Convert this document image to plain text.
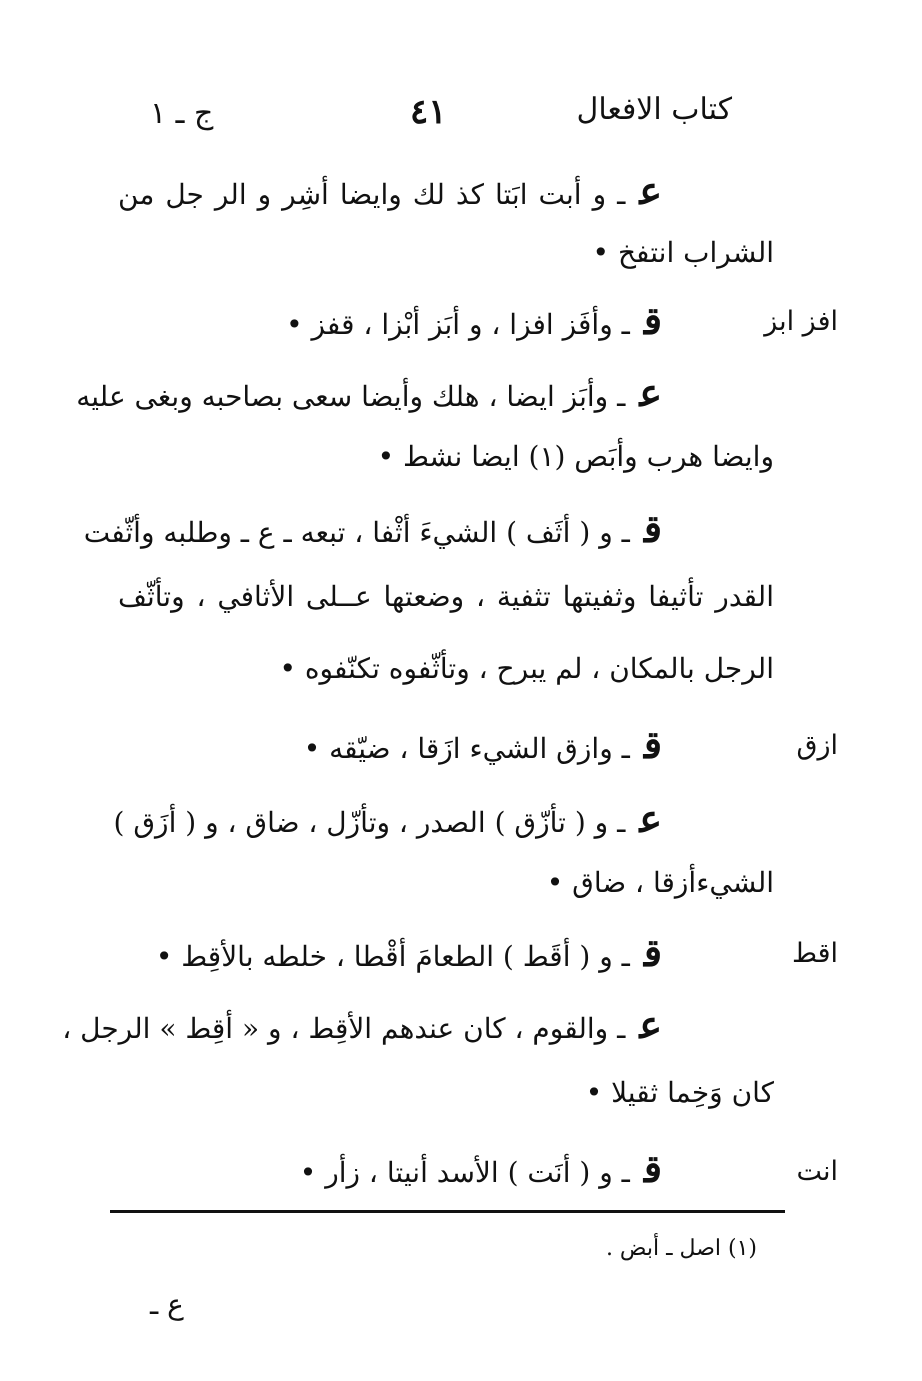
كتاب الافعال
٤١
ج ـ ١
عـ و أبت ابَتا كذ لك وايضا أشِر و الر جل من
الشراب انتفخ •
افز ابز
قـ وأفَز افزا ، و أبَز أبْزا ، قفز •
عـ وأبَز ايضا ، هلك وأيضا سعى بصاحبه وبغى عليه
وايضا هرب وأبَص (١) ايضا نشط •
قـ و ( أثَف ) الشيءَ أثْفا ، تبعه ـ ع ـ وطلبه وأثّفت
القدر تأثيفا وثفيتها تثفية ، وضعتها عــلى الأثافي ، وتأثّف
الرجل بالمكان ، لم يبرح ، وتأثّفوه تكنّفوه •
ازق
قـ وازق الشيء ازَقا ، ضيّقه •
عـ و ( تأزّق ) الصدر ، وتأزّل ، ضاق ، و ( أزَق )
الشيءأزقا ، ضاق •
اقط
قـ و ( أقَط ) الطعامَ أقْطا ، خلطه بالأقِط •
عـ والقوم ، كان عندهم الأقِط ، و « أقِط » الرجل ،
كان وَخِما ثقيلا •
انت
قـ و ( أنَت ) الأسد أنيتا ، زأر •
(١) اصل ـ أبض .
ع ـ
